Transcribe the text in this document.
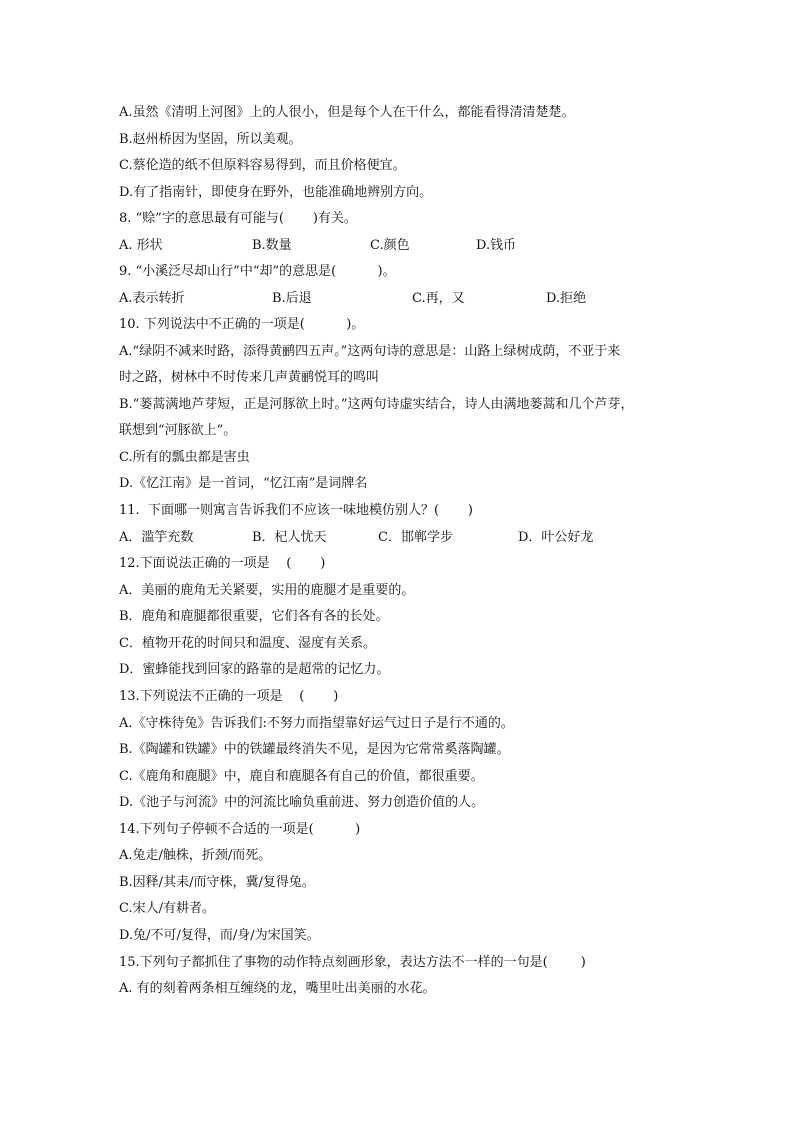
A.虽然《清明上河图》上的人很小，但是每个人在干什么，都能看得清清楚楚。
B.赵州桥因为坚固，所以美观。
C.蔡伦造的纸不但原料容易得到，而且价格便宜。
D.有了指南针，即使身在野外，也能准确地辨别方向。
8. “赊”字的意思最有可能与(       )有关。

A. 形状

	B.数量

	C.颜色

	D.钱币

9. “小溪泛尽却山行”中“却”的意思是(          )。

A.表示转折

	B.后退

	C.再，又

	D.拒绝

10. 下列说法中不正确的一项是(          )。
A.“绿阴不减来时路，添得黄鹂四五声。”这两句诗的意思是：山路上绿树成荫，不亚于来
时之路，树林中不时传来几声黄鹂悦耳的鸣叫
B.“蒌蒿满地芦芽短，正是河豚欲上时。”这两句诗虚实结合，诗人由满地蒌蒿和几个芦芽，
联想到“河豚欲上”。
C.所有的瓢虫都是害虫
D.《忆江南》是一首词，“忆江南”是词牌名
11.  下面哪一则寓言告诉我们不应该一味地模仿别人？(       )

A．滥竽充数

	B．杞人忧天

	C．邯郸学步

	D．叶公好龙

12.下面说法正确的一项是    (       )
A．美丽的鹿角无关紧要，实用的鹿腿才是重要的。
B．鹿角和鹿腿都很重要，它们各有各的长处。
C．植物开花的时间只和温度、湿度有关系。
D．蜜蜂能找到回家的路靠的是超常的记忆力。
13.下列说法不正确的一项是    (       )
A.《守株待兔》告诉我们:不努力而指望靠好运气过日子是行不通的。
B.《陶罐和铁罐》中的铁罐最终消失不见，是因为它常常奚落陶罐。
C.《鹿角和鹿腿》中，鹿自和鹿腿各有自己的价值，都很重要。
D.《池子与河流》中的河流比喻负重前进、努力创造价值的人。
14.下列句子停顿不合适的一项是(          )
A.兔走/触株，折颈/而死。
B.因释/其耒/而守株，冀/复得兔。
C.宋人/有耕者。
D.兔/不可/复得，而/身/为宋国笑。
15.下列句子都抓住了事物的动作特点刻画形象，表达方法不一样的一句是(        )
A. 有的刻着两条相互缠绕的龙，嘴里吐出美丽的水花。
